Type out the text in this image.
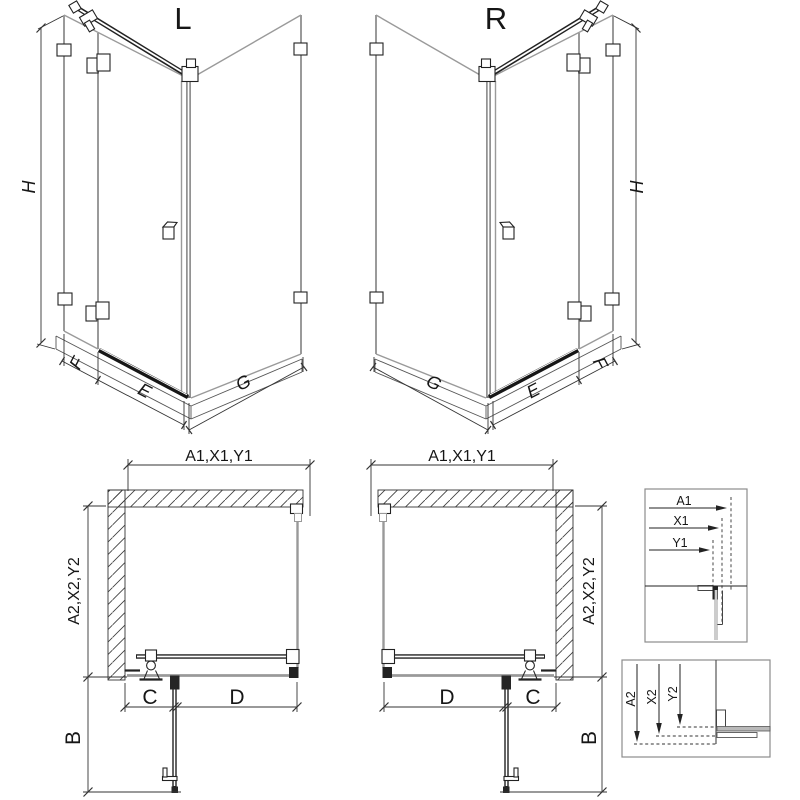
L	R
H	H
F	F
E	E
G	G
A1,X1,Y1	A1,X1,Y1
A2,X2,Y2	A2,X2,Y2
C	D	D	C
B	B
A1
X1
Y1
A2 X2 Y2
